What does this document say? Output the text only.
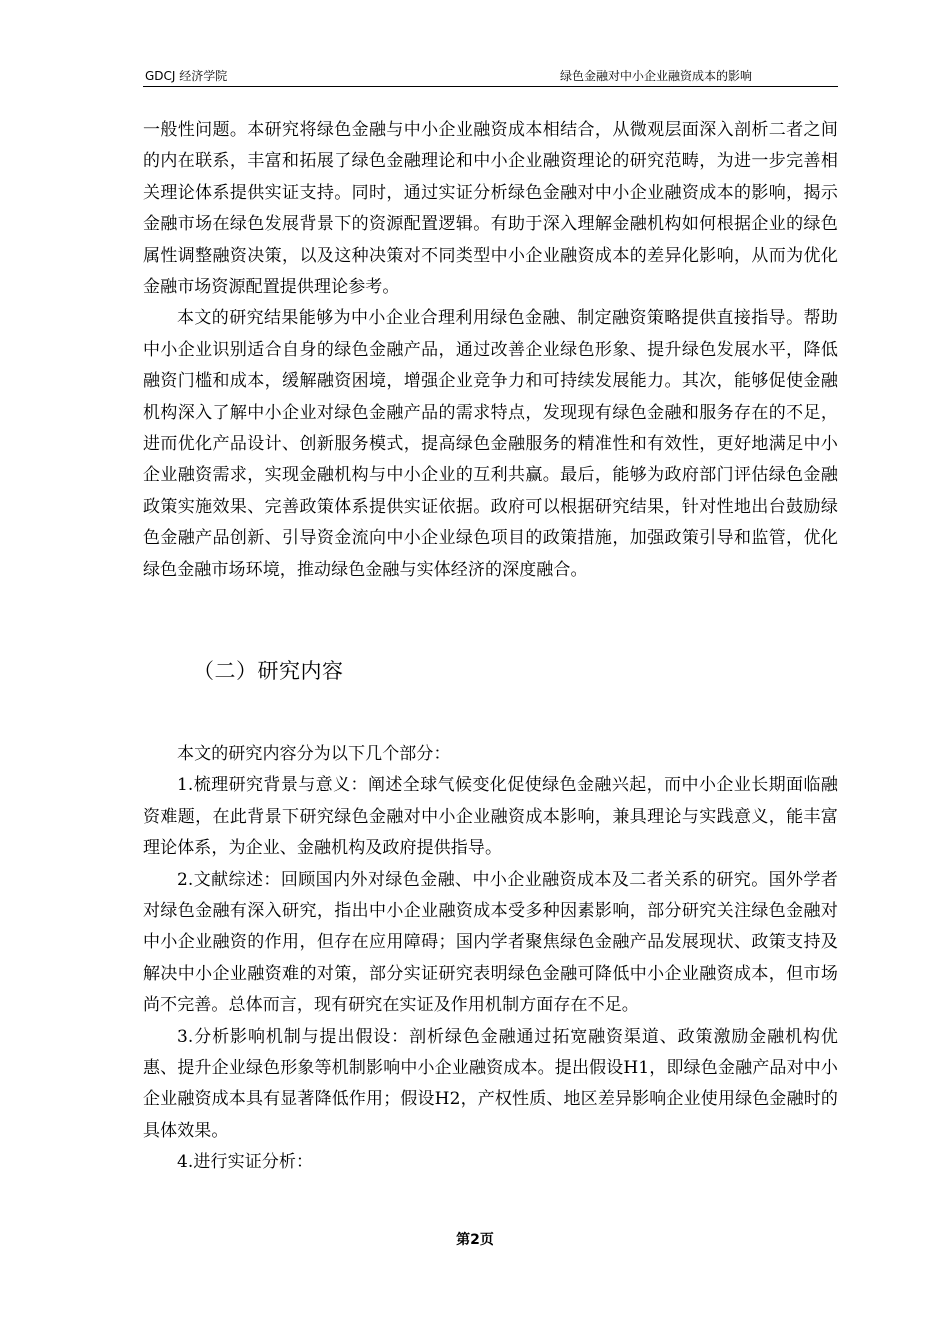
GDCJ 经济学院	绿色金融对中小企业融资成本的影响

一般性问题。本研究将绿色金融与中小企业融资成本相结合，从微观层面深入剖析二者之间的内在联系，丰富和拓展了绿色金融理论和中小企业融资理论的研究范畴，为进一步完善相关理论体系提供实证支持。同时，通过实证分析绿色金融对中小企业融资成本的影响，揭示金融市场在绿色发展背景下的资源配置逻辑。有助于深入理解金融机构如何根据企业的绿色属性调整融资决策，以及这种决策对不同类型中小企业融资成本的差异化影响，从而为优化金融市场资源配置提供理论参考。

本文的研究结果能够为中小企业合理利用绿色金融、制定融资策略提供直接指导。帮助中小企业识别适合自身的绿色金融产品，通过改善企业绿色形象、提升绿色发展水平，降低融资门槛和成本，缓解融资困境，增强企业竞争力和可持续发展能力。其次，能够促使金融机构深入了解中小企业对绿色金融产品的需求特点，发现现有绿色金融和服务存在的不足，进而优化产品设计、创新服务模式，提高绿色金融服务的精准性和有效性，更好地满足中小企业融资需求，实现金融机构与中小企业的互利共赢。最后，能够为政府部门评估绿色金融政策实施效果、完善政策体系提供实证依据。政府可以根据研究结果，针对性地出台鼓励绿色金融产品创新、引导资金流向中小企业绿色项目的政策措施，加强政策引导和监管，优化绿色金融市场环境，推动绿色金融与实体经济的深度融合。

（二）研究内容

本文的研究内容分为以下几个部分：

1.梳理研究背景与意义：阐述全球气候变化促使绿色金融兴起，而中小企业长期面临融资难题，在此背景下研究绿色金融对中小企业融资成本影响，兼具理论与实践意义，能丰富理论体系，为企业、金融机构及政府提供指导。

2.文献综述：回顾国内外对绿色金融、中小企业融资成本及二者关系的研究。国外学者对绿色金融有深入研究，指出中小企业融资成本受多种因素影响，部分研究关注绿色金融对中小企业融资的作用，但存在应用障碍；国内学者聚焦绿色金融产品发展现状、政策支持及解决中小企业融资难的对策，部分实证研究表明绿色金融可降低中小企业融资成本，但市场尚不完善。总体而言，现有研究在实证及作用机制方面存在不足。

3.分析影响机制与提出假设：剖析绿色金融通过拓宽融资渠道、政策激励金融机构优惠、提升企业绿色形象等机制影响中小企业融资成本。提出假设H1，即绿色金融产品对中小企业融资成本具有显著降低作用；假设H2，产权性质、地区差异影响企业使用绿色金融时的具体效果。

4.进行实证分析：

第2页
